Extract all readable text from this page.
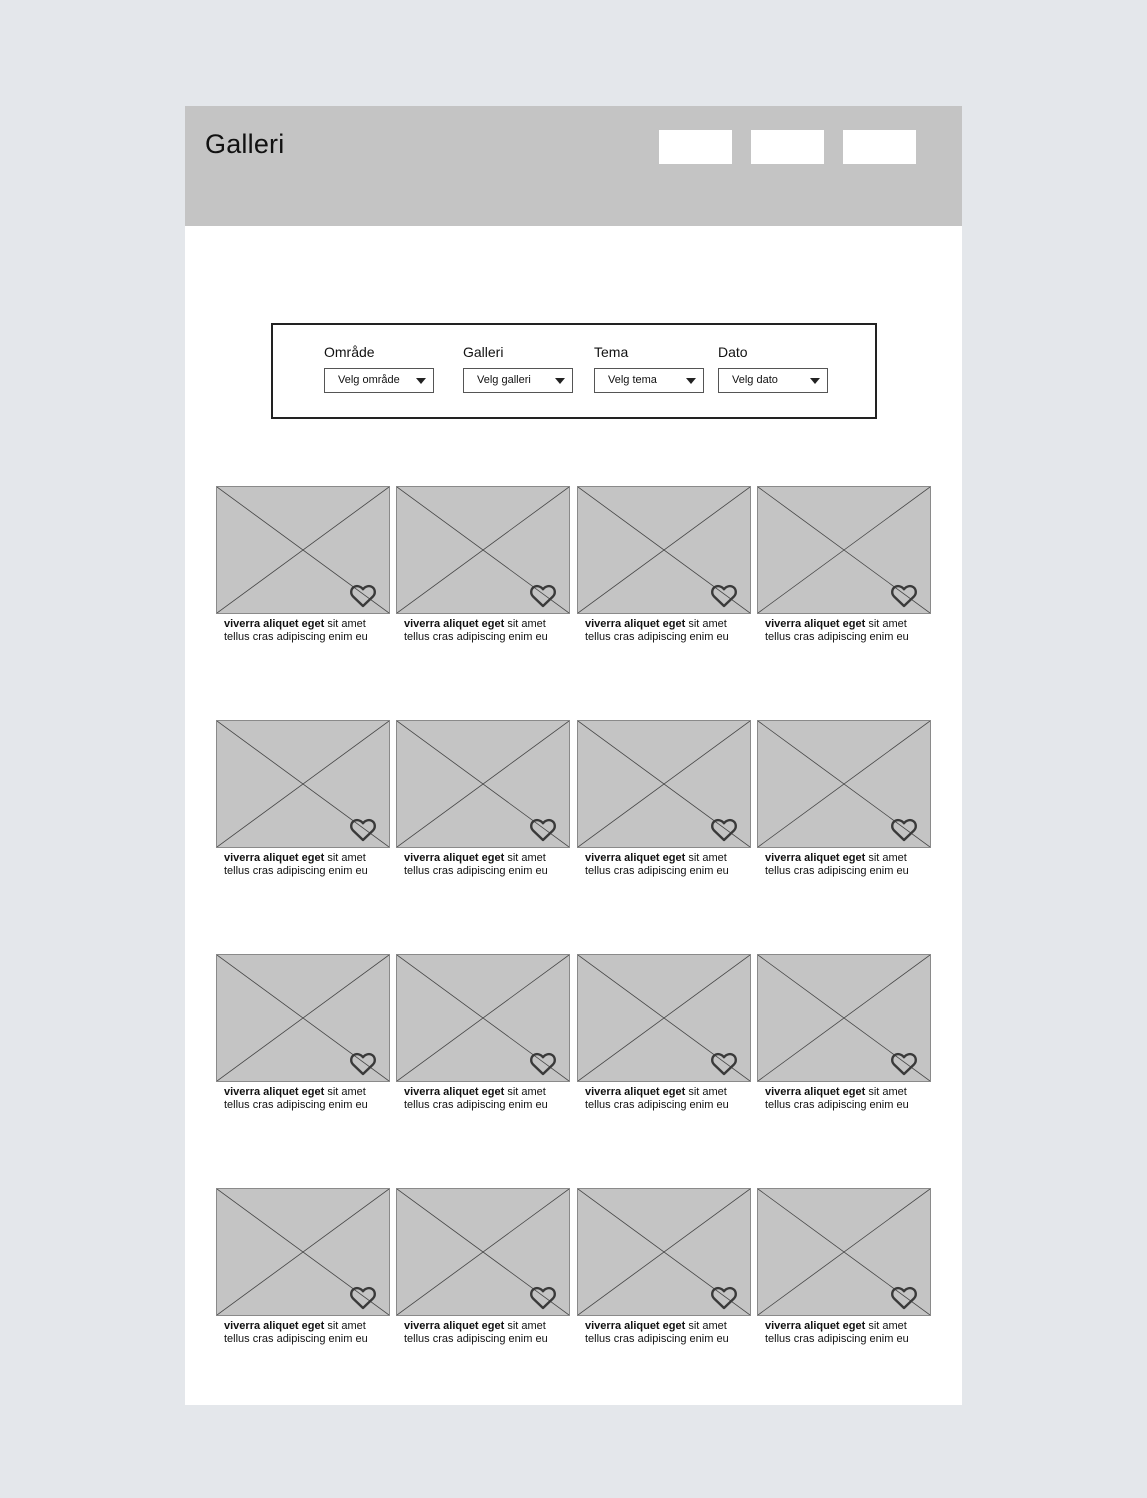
Galleri
Område
Velg område
Galleri
Velg galleri
Tema
Velg tema
Dato
Velg dato
viverra aliquet eget sit amet
tellus cras adipiscing enim eu
viverra aliquet eget sit amet
tellus cras adipiscing enim eu
viverra aliquet eget sit amet
tellus cras adipiscing enim eu
viverra aliquet eget sit amet
tellus cras adipiscing enim eu
viverra aliquet eget sit amet
tellus cras adipiscing enim eu
viverra aliquet eget sit amet
tellus cras adipiscing enim eu
viverra aliquet eget sit amet
tellus cras adipiscing enim eu
viverra aliquet eget sit amet
tellus cras adipiscing enim eu
viverra aliquet eget sit amet
tellus cras adipiscing enim eu
viverra aliquet eget sit amet
tellus cras adipiscing enim eu
viverra aliquet eget sit amet
tellus cras adipiscing enim eu
viverra aliquet eget sit amet
tellus cras adipiscing enim eu
viverra aliquet eget sit amet
tellus cras adipiscing enim eu
viverra aliquet eget sit amet
tellus cras adipiscing enim eu
viverra aliquet eget sit amet
tellus cras adipiscing enim eu
viverra aliquet eget sit amet
tellus cras adipiscing enim eu
